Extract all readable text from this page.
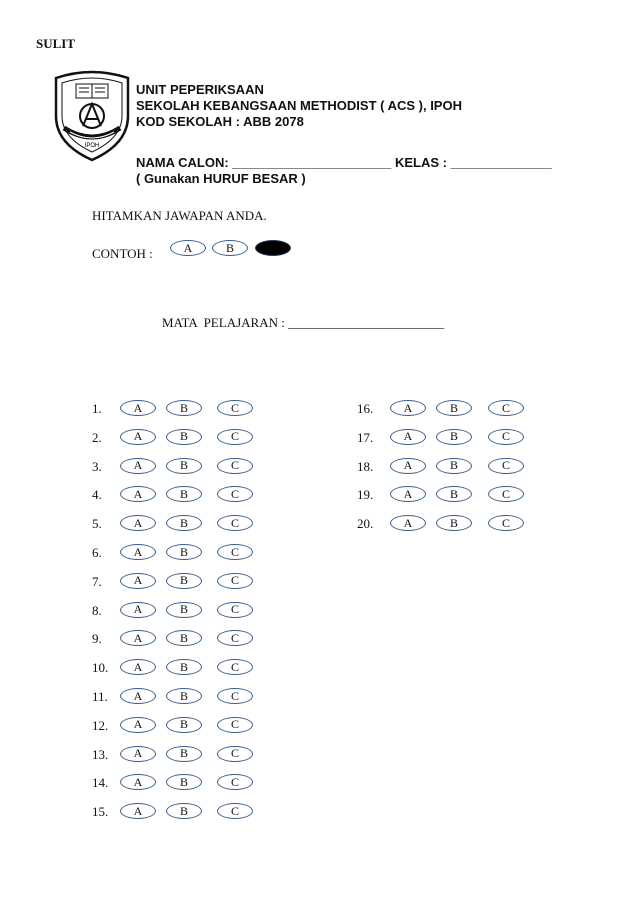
SULIT
IPOH
UNIT PEPERIKSAAN
SEKOLAH KEBANGSAAN METHODIST ( ACS ), IPOH
KOD SEKOLAH : ABB 2078
NAMA CALON: ______________________ KELAS : ______________
( Gunakan HURUF BESAR )
HITAMKAN JAWAPAN ANDA.
CONTOH :	A	B
MATA  PELAJARAN : ________________________
1.	A	B	C
2.	A	B	C
3.	A	B	C
4.	A	B	C
5.	A	B	C
6.	A	B	C
7.	A	B	C
8.	A	B	C
9.	A	B	C
10.	A	B	C
11.	A	B	C
12.	A	B	C
13.	A	B	C
14.	A	B	C
15.	A	B	C
16.	A	B	C
17.	A	B	C
18.	A	B	C
19.	A	B	C
20.	A	B	C
